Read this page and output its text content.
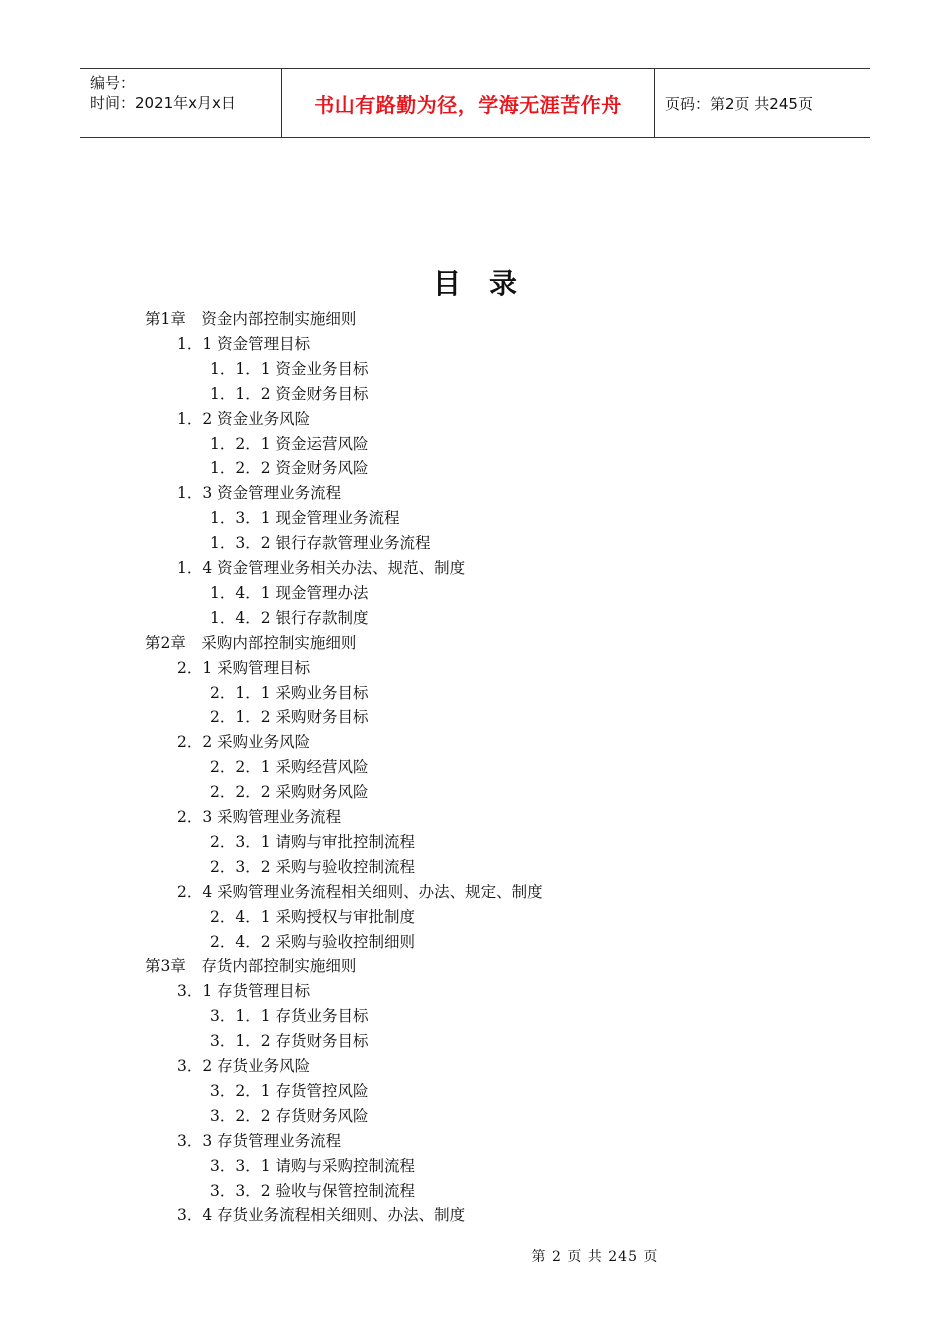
编号：
时间：2021年x月x日	书山有路勤为径，学海无涯苦作舟	页码：第2页 共245页
目录
第1章　资金内部控制实施细则
1．1 资金管理目标
1．1．1 资金业务目标
1．1．2 资金财务目标
1．2 资金业务风险
1．2．1 资金运营风险
1．2．2 资金财务风险
1．3 资金管理业务流程
1．3．1 现金管理业务流程
1．3．2 银行存款管理业务流程
1．4 资金管理业务相关办法、规范、制度
1．4．1 现金管理办法
1．4．2 银行存款制度
第2章　采购内部控制实施细则
2．1 采购管理目标
2．1．1 采购业务目标
2．1．2 采购财务目标
2．2 采购业务风险
2．2．1 采购经营风险
2．2．2 采购财务风险
2．3 采购管理业务流程
2．3．1 请购与审批控制流程
2．3．2 采购与验收控制流程
2．4 采购管理业务流程相关细则、办法、规定、制度
2．4．1 采购授权与审批制度
2．4．2 采购与验收控制细则
第3章　存货内部控制实施细则
3．1 存货管理目标
3．1．1 存货业务目标
3．1．2 存货财务目标
3．2 存货业务风险
3．2．1 存货管控风险
3．2．2 存货财务风险
3．3 存货管理业务流程
3．3．1 请购与采购控制流程
3．3．2 验收与保管控制流程
3．4 存货业务流程相关细则、办法、制度
第 2 页 共 245 页
